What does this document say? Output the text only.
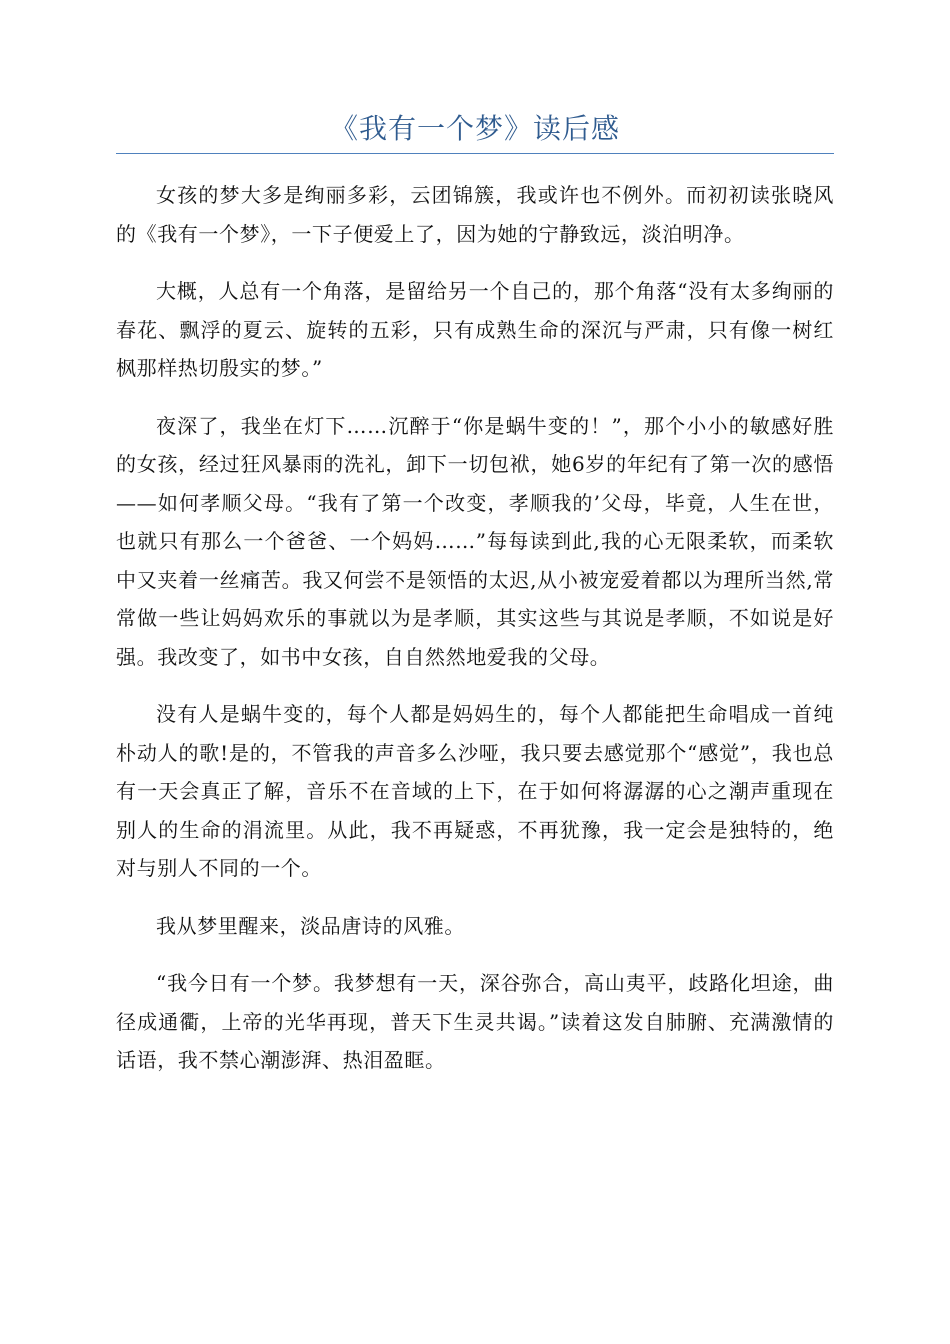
《我有一个梦》读后感

女孩的梦大多是绚丽多彩，云团锦簇，我或许也不例外。而初初读张晓风的《我有一个梦》，一下子便爱上了，因为她的宁静致远，淡泊明净。

大概，人总有一个角落，是留给另一个自己的，那个角落“没有太多绚丽的春花、飘浮的夏云、旋转的五彩，只有成熟生命的深沉与严肃，只有像一树红枫那样热切殷实的梦。”

夜深了，我坐在灯下……沉醉于“你是蜗牛变的！”，那个小小的敏感好胜的女孩，经过狂风暴雨的洗礼，卸下一切包袱，她6岁的年纪有了第一次的感悟——如何孝顺父母。“我有了第一个改变，孝顺我的’父母，毕竟，人生在世，也就只有那么一个爸爸、一个妈妈……”每每读到此,我的心无限柔软，而柔软中又夹着一丝痛苦。我又何尝不是领悟的太迟,从小被宠爱着都以为理所当然,常常做一些让妈妈欢乐的事就以为是孝顺，其实这些与其说是孝顺，不如说是好强。我改变了，如书中女孩，自自然然地爱我的父母。

没有人是蜗牛变的，每个人都是妈妈生的，每个人都能把生命唱成一首纯朴动人的歌!是的，不管我的声音多么沙哑，我只要去感觉那个“感觉”，我也总有一天会真正了解，音乐不在音域的上下，在于如何将潺潺的心之潮声重现在别人的生命的涓流里。从此，我不再疑惑，不再犹豫，我一定会是独特的，绝对与别人不同的一个。

我从梦里醒来，淡品唐诗的风雅。

“我今日有一个梦。我梦想有一天，深谷弥合，高山夷平，歧路化坦途，曲径成通衢，上帝的光华再现，普天下生灵共谒。”读着这发自肺腑、充满激情的话语，我不禁心潮澎湃、热泪盈眶。
